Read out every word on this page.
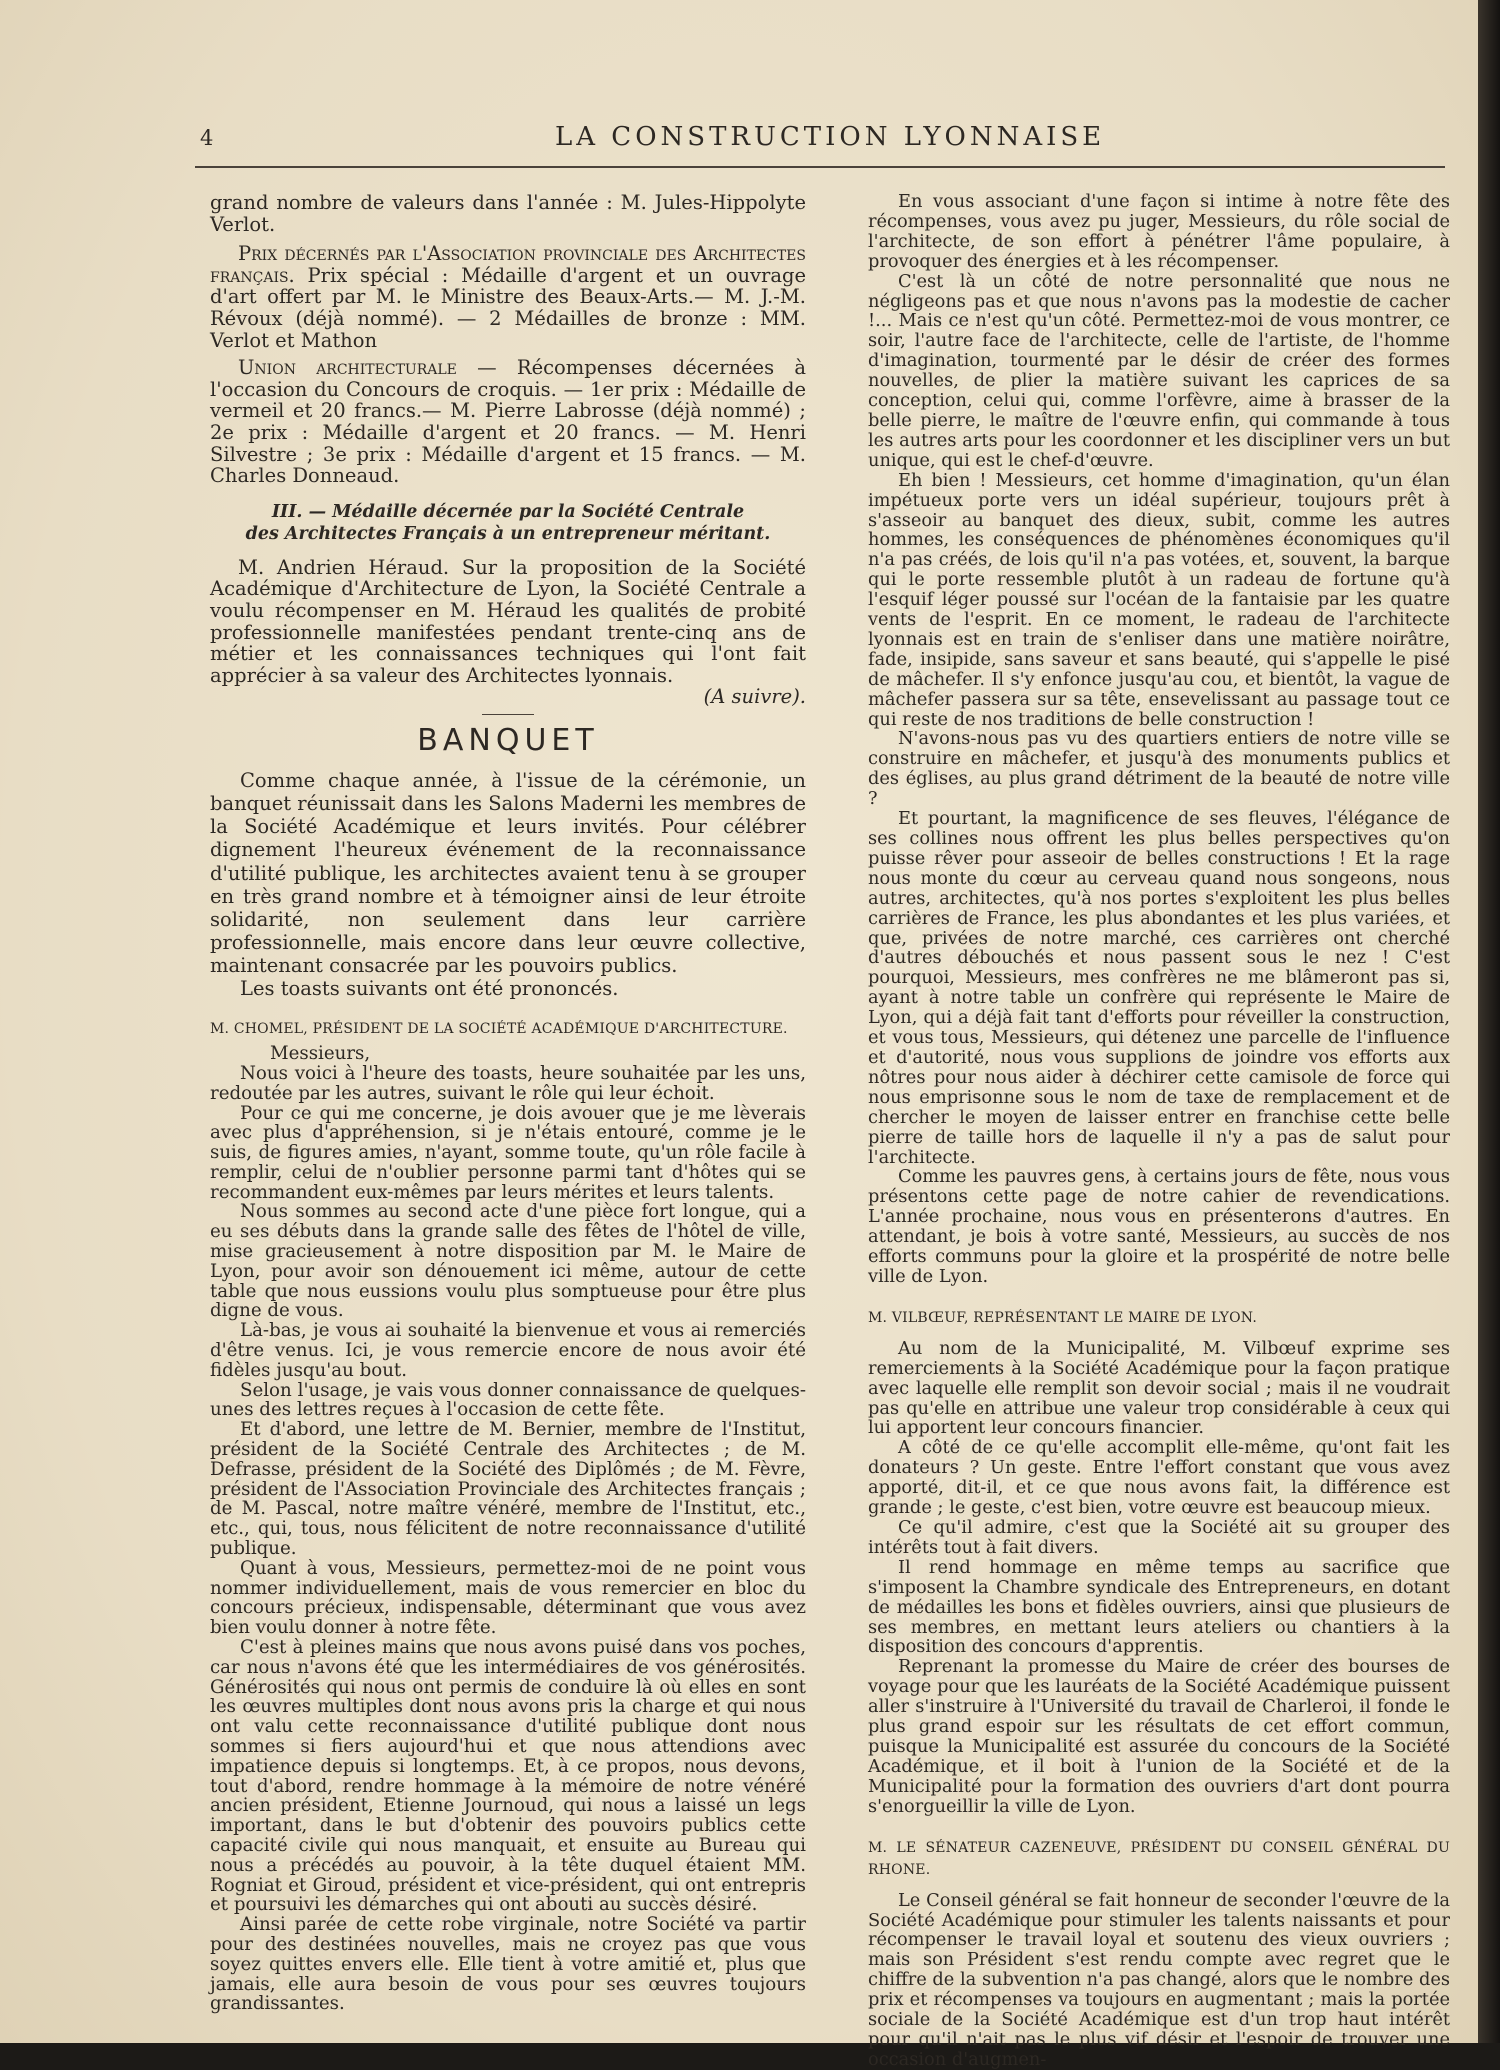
4	LA CONSTRUCTION LYONNAISE

grand nombre de valeurs dans l'année : M. Jules-Hippolyte Verlot.

Prix décernés par l'Association provinciale des Architectes français. Prix spécial : Médaille d'argent et un ouvrage d'art offert par M. le Ministre des Beaux-Arts.— M. J.-M. Révoux (déjà nommé). — 2 Médailles de bronze : MM. Verlot et Mathon

Union architecturale — Récompenses décernées à l'occasion du Concours de croquis. — 1er prix : Médaille de vermeil et 20 francs.— M. Pierre Labrosse (déjà nommé) ; 2e prix : Médaille d'argent et 20 francs. — M. Henri Silvestre ; 3e prix : Médaille d'argent et 15 francs. — M. Charles Donneaud.

III. — Médaille décernée par la Société Centrale
des Architectes Français à un entrepreneur méritant.

M. Andrien Héraud. Sur la proposition de la Société Académique d'Architecture de Lyon, la Société Centrale a voulu récompenser en M. Héraud les qualités de probité professionnelle manifestées pendant trente-cinq ans de métier et les connaissances techniques qui l'ont fait apprécier à sa valeur des Architectes lyonnais.

(A suivre).
BANQUET

Comme chaque année, à l'issue de la cérémonie, un banquet réunissait dans les Salons Maderni les membres de la Société Académique et leurs invités. Pour célébrer dignement l'heureux événement de la reconnaissance d'utilité publique, les architectes avaient tenu à se grouper en très grand nombre et à témoigner ainsi de leur étroite solidarité, non seulement dans leur carrière professionnelle, mais encore dans leur œuvre collective, maintenant consacrée par les pouvoirs publics.

Les toasts suivants ont été prononcés.

M. CHOMEL, PRÉSIDENT DE LA SOCIÉTÉ ACADÉMIQUE D'ARCHITECTURE.

Messieurs,

Nous voici à l'heure des toasts, heure souhaitée par les uns, redoutée par les autres, suivant le rôle qui leur échoit.

Pour ce qui me concerne, je dois avouer que je me lèverais avec plus d'appréhension, si je n'étais entouré, comme je le suis, de figures amies, n'ayant, somme toute, qu'un rôle facile à remplir, celui de n'oublier personne parmi tant d'hôtes qui se recommandent eux-mêmes par leurs mérites et leurs talents.

Nous sommes au second acte d'une pièce fort longue, qui a eu ses débuts dans la grande salle des fêtes de l'hôtel de ville, mise gracieusement à notre disposition par M. le Maire de Lyon, pour avoir son dénouement ici même, autour de cette table que nous eussions voulu plus somptueuse pour être plus digne de vous.

Là-bas, je vous ai souhaité la bienvenue et vous ai remerciés d'être venus. Ici, je vous remercie encore de nous avoir été fidèles jusqu'au bout.

Selon l'usage, je vais vous donner connaissance de quelques-unes des lettres reçues à l'occasion de cette fête.

Et d'abord, une lettre de M. Bernier, membre de l'Institut, président de la Société Centrale des Architectes ; de M. Defrasse, président de la Société des Diplômés ; de M. Fèvre, président de l'Association Provinciale des Architectes français ; de M. Pascal, notre maître vénéré, membre de l'Institut, etc., etc., qui, tous, nous félicitent de notre reconnaissance d'utilité publique.

Quant à vous, Messieurs, permettez-moi de ne point vous nommer individuellement, mais de vous remercier en bloc du concours précieux, indispensable, déterminant que vous avez bien voulu donner à notre fête.

C'est à pleines mains que nous avons puisé dans vos poches, car nous n'avons été que les intermédiaires de vos générosités. Générosités qui nous ont permis de conduire là où elles en sont les œuvres multiples dont nous avons pris la charge et qui nous ont valu cette reconnaissance d'utilité publique dont nous sommes si fiers aujourd'hui et que nous attendions avec impatience depuis si longtemps. Et, à ce propos, nous devons, tout d'abord, rendre hommage à la mémoire de notre vénéré ancien président, Etienne Journoud, qui nous a laissé un legs important, dans le but d'obtenir des pouvoirs publics cette capacité civile qui nous manquait, et ensuite au Bureau qui nous a précédés au pouvoir, à la tête duquel étaient MM. Rogniat et Giroud, président et vice-président, qui ont entrepris et poursuivi les démarches qui ont abouti au succès désiré.

Ainsi parée de cette robe virginale, notre Société va partir pour des destinées nouvelles, mais ne croyez pas que vous soyez quittes envers elle. Elle tient à votre amitié et, plus que jamais, elle aura besoin de vous pour ses œuvres toujours grandissantes.

En vous associant d'une façon si intime à notre fête des récompenses, vous avez pu juger, Messieurs, du rôle social de l'architecte, de son effort à pénétrer l'âme populaire, à provoquer des énergies et à les récompenser.

C'est là un côté de notre personnalité que nous ne négligeons pas et que nous n'avons pas la modestie de cacher !... Mais ce n'est qu'un côté. Permettez-moi de vous montrer, ce soir, l'autre face de l'architecte, celle de l'artiste, de l'homme d'imagination, tourmenté par le désir de créer des formes nouvelles, de plier la matière suivant les caprices de sa conception, celui qui, comme l'orfèvre, aime à brasser de la belle pierre, le maître de l'œuvre enfin, qui commande à tous les autres arts pour les coordonner et les discipliner vers un but unique, qui est le chef-d'œuvre.

Eh bien ! Messieurs, cet homme d'imagination, qu'un élan impétueux porte vers un idéal supérieur, toujours prêt à s'asseoir au banquet des dieux, subit, comme les autres hommes, les conséquences de phénomènes économiques qu'il n'a pas créés, de lois qu'il n'a pas votées, et, souvent, la barque qui le porte ressemble plutôt à un radeau de fortune qu'à l'esquif léger poussé sur l'océan de la fantaisie par les quatre vents de l'esprit. En ce moment, le radeau de l'architecte lyonnais est en train de s'enliser dans une matière noirâtre, fade, insipide, sans saveur et sans beauté, qui s'appelle le pisé de mâchefer. Il s'y enfonce jusqu'au cou, et bientôt, la vague de mâchefer passera sur sa tête, ensevelissant au passage tout ce qui reste de nos traditions de belle construction !

N'avons-nous pas vu des quartiers entiers de notre ville se construire en mâchefer, et jusqu'à des monuments publics et des églises, au plus grand détriment de la beauté de notre ville ?

Et pourtant, la magnificence de ses fleuves, l'élégance de ses collines nous offrent les plus belles perspectives qu'on puisse rêver pour asseoir de belles constructions ! Et la rage nous monte du cœur au cerveau quand nous songeons, nous autres, architectes, qu'à nos portes s'exploitent les plus belles carrières de France, les plus abondantes et les plus variées, et que, privées de notre marché, ces carrières ont cherché d'autres débouchés et nous passent sous le nez ! C'est pourquoi, Messieurs, mes confrères ne me blâmeront pas si, ayant à notre table un confrère qui représente le Maire de Lyon, qui a déjà fait tant d'efforts pour réveiller la construction, et vous tous, Messieurs, qui détenez une parcelle de l'influence et d'autorité, nous vous supplions de joindre vos efforts aux nôtres pour nous aider à déchirer cette camisole de force qui nous emprisonne sous le nom de taxe de remplacement et de chercher le moyen de laisser entrer en franchise cette belle pierre de taille hors de laquelle il n'y a pas de salut pour l'architecte.

Comme les pauvres gens, à certains jours de fête, nous vous présentons cette page de notre cahier de revendications. L'année prochaine, nous vous en présenterons d'autres. En attendant, je bois à votre santé, Messieurs, au succès de nos efforts communs pour la gloire et la prospérité de notre belle ville de Lyon.

M. VILBŒUF, REPRÉSENTANT LE MAIRE DE LYON.

Au nom de la Municipalité, M. Vilbœuf exprime ses remerciements à la Société Académique pour la façon pratique avec laquelle elle remplit son devoir social ; mais il ne voudrait pas qu'elle en attribue une valeur trop considérable à ceux qui lui apportent leur concours financier.

A côté de ce qu'elle accomplit elle-même, qu'ont fait les donateurs ? Un geste. Entre l'effort constant que vous avez apporté, dit-il, et ce que nous avons fait, la différence est grande ; le geste, c'est bien, votre œuvre est beaucoup mieux.

Ce qu'il admire, c'est que la Société ait su grouper des intérêts tout à fait divers.

Il rend hommage en même temps au sacrifice que s'imposent la Chambre syndicale des Entrepreneurs, en dotant de médailles les bons et fidèles ouvriers, ainsi que plusieurs de ses membres, en mettant leurs ateliers ou chantiers à la disposition des concours d'apprentis.

Reprenant la promesse du Maire de créer des bourses de voyage pour que les lauréats de la Société Académique puissent aller s'instruire à l'Université du travail de Charleroi, il fonde le plus grand espoir sur les résultats de cet effort commun, puisque la Municipalité est assurée du concours de la Société Académique, et il boit à l'union de la Société et de la Municipalité pour la formation des ouvriers d'art dont pourra s'enorgueillir la ville de Lyon.

M. LE SÉNATEUR CAZENEUVE, PRÉSIDENT DU CONSEIL GÉNÉRAL DU RHONE.

Le Conseil général se fait honneur de seconder l'œuvre de la Société Académique pour stimuler les talents naissants et pour récompenser le travail loyal et soutenu des vieux ouvriers ; mais son Président s'est rendu compte avec regret que le chiffre de la subvention n'a pas changé, alors que le nombre des prix et récompenses va toujours en augmentant ; mais la portée sociale de la Société Académique est d'un trop haut intérêt pour qu'il n'ait pas le plus vif désir et l'espoir de trouver une occasion d'augmen-
